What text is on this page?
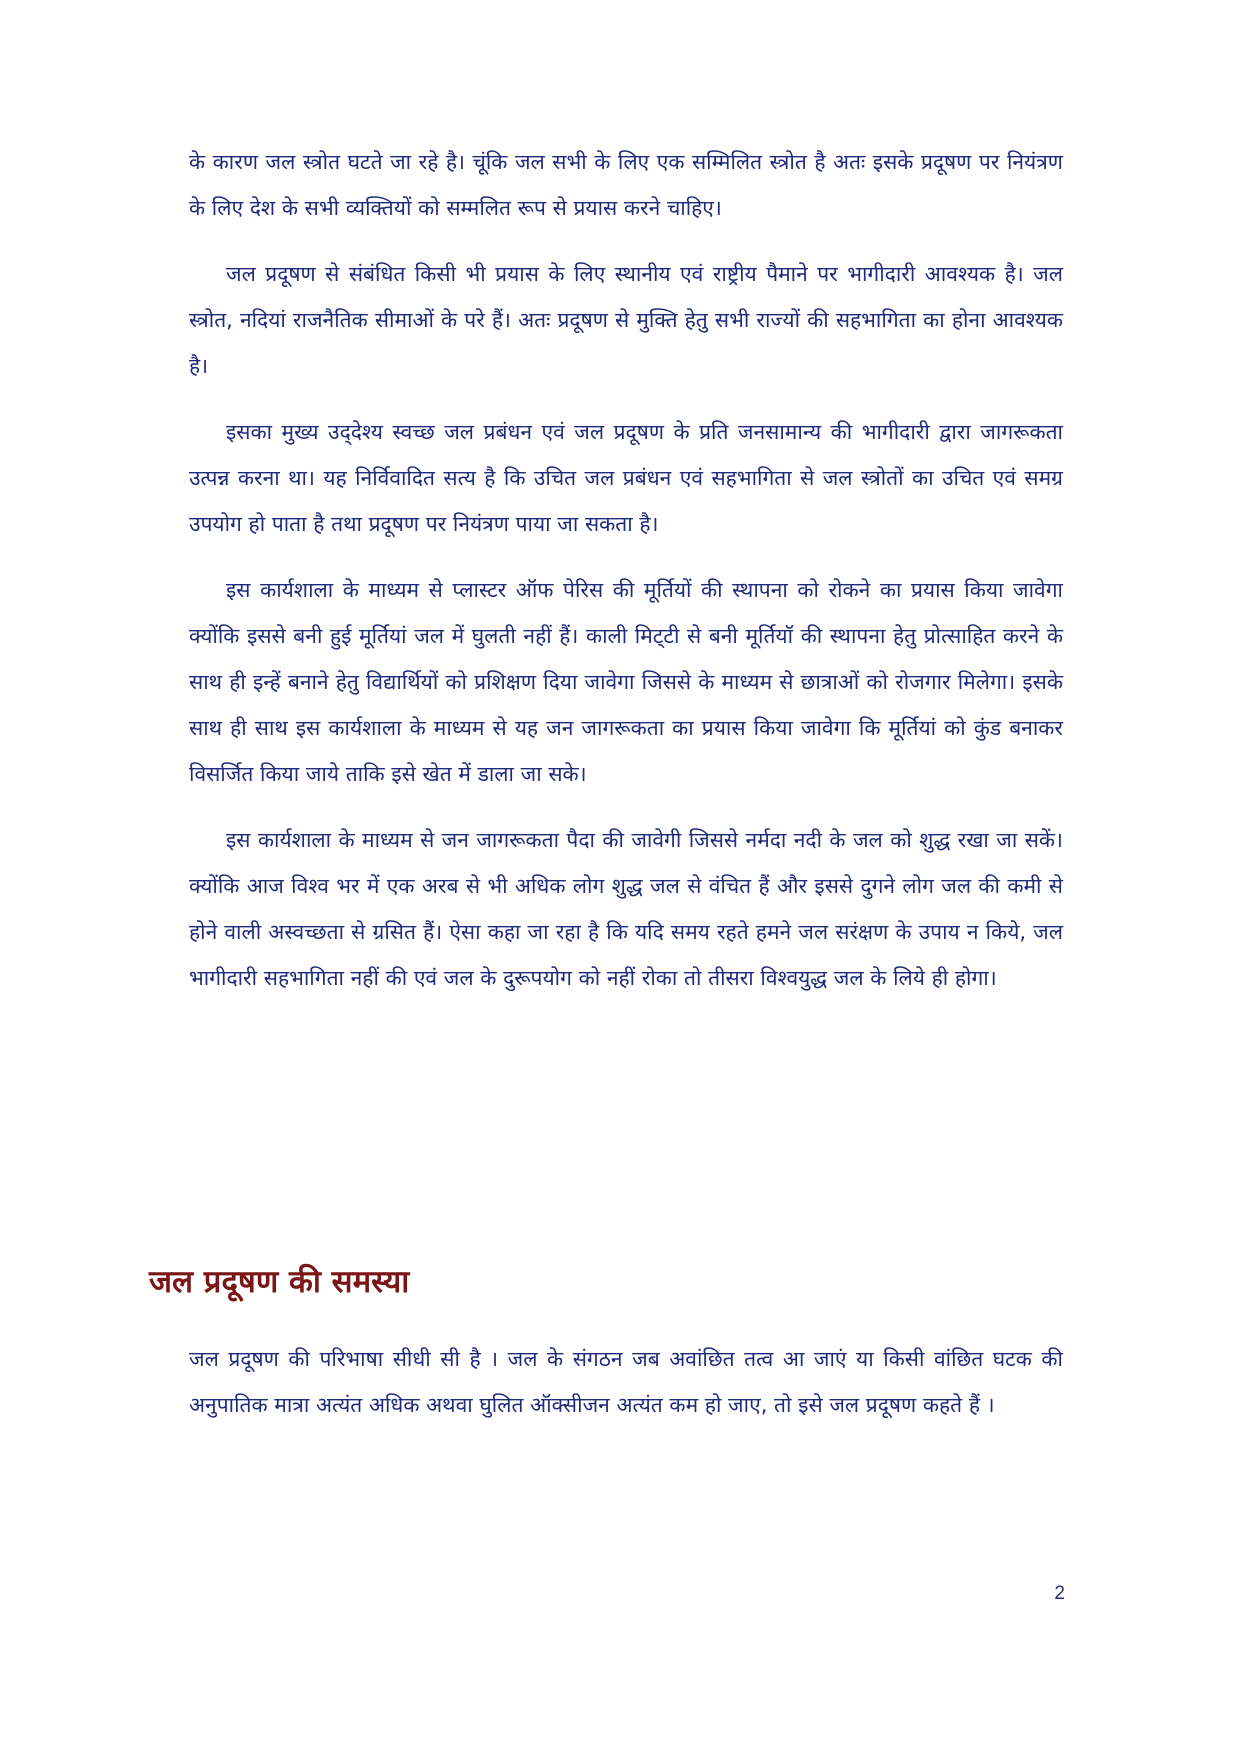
के कारण जल स्त्रोत घटते जा रहे है। चूंकि जल सभी के लिए एक सम्मिलित स्त्रोत है अतः इसके प्रदूषण पर नियंत्रण के लिए देश के सभी व्यक्तियों को सम्मलित रूप से प्रयास करने चाहिए।

जल प्रदूषण से संबंधित किसी भी प्रयास के लिए स्थानीय एवं राष्ट्रीय पैमाने पर भागीदारी आवश्यक है। जल स्त्रोत, नदियां राजनैतिक सीमाओं के परे हैं। अतः प्रदूषण से मुक्ति हेतु सभी राज्यों की सहभागिता का होना आवश्यक है।

इसका मुख्य उद्‍देश्य स्वच्छ जल प्रबंधन एवं जल प्रदूषण के प्रति जनसामान्य की भागीदारी द्वारा जागरूकता उत्पन्न करना था। यह निर्विवादित सत्य है कि उचित जल प्रबंधन एवं सहभागिता से जल स्त्रोतों का उचित एवं समग्र उपयोग हो पाता है तथा प्रदूषण पर नियंत्रण पाया जा सकता है।

इस कार्यशाला के माध्यम से प्लास्टर ऑफ पेरिस की मूर्तियों की स्थापना को रोकने का प्रयास किया जावेगा क्योंकि इससे बनी हुई मूर्तियां जल में घुलती नहीं हैं। काली मिट्‍टी से बनी मूर्तियॉ की स्थापना हेतु प्रोत्साहित करने के साथ ही इन्हें बनाने हेतु विद्यार्थियों को प्रशिक्षण दिया जावेगा जिससे के माध्यम से छात्राओं को रोजगार मिलेगा। इसके साथ ही साथ इस कार्यशाला के माध्यम से यह जन जागरूकता का प्रयास किया जावेगा कि मूर्तियां को कुंड बनाकर विसर्जित किया जाये ताकि इसे खेत में डाला जा सके।

इस कार्यशाला के माध्यम से जन जागरूकता पैदा की जावेगी जिससे नर्मदा नदी के जल को शुद्ध रखा जा सकें। क्योंकि आज विश्व भर में एक अरब से भी अधिक लोग शुद्ध जल से वंचित हैं और इससे दुगने लोग जल की कमी से होने वाली अस्वच्छता से ग्रसित हैं। ऐसा कहा जा रहा है कि यदि समय रहते हमने जल सरंक्षण के उपाय न किये, जल भागीदारी सहभागिता नहीं की एवं जल के दुरूपयोग को नहीं रोका तो तीसरा विश्वयुद्ध जल के लिये ही होगा।

जल प्रदूषण की समस्या

जल प्रदूषण की परिभाषा सीधी सी है । जल के संगठन जब अवांछित तत्व आ जाएं या किसी वांछित घटक की अनुपातिक मात्रा अत्यंत अधिक अथवा घुलित ऑक्सीजन अत्यंत कम हो जाए, तो इसे जल प्रदूषण कहते हैं ।

2
